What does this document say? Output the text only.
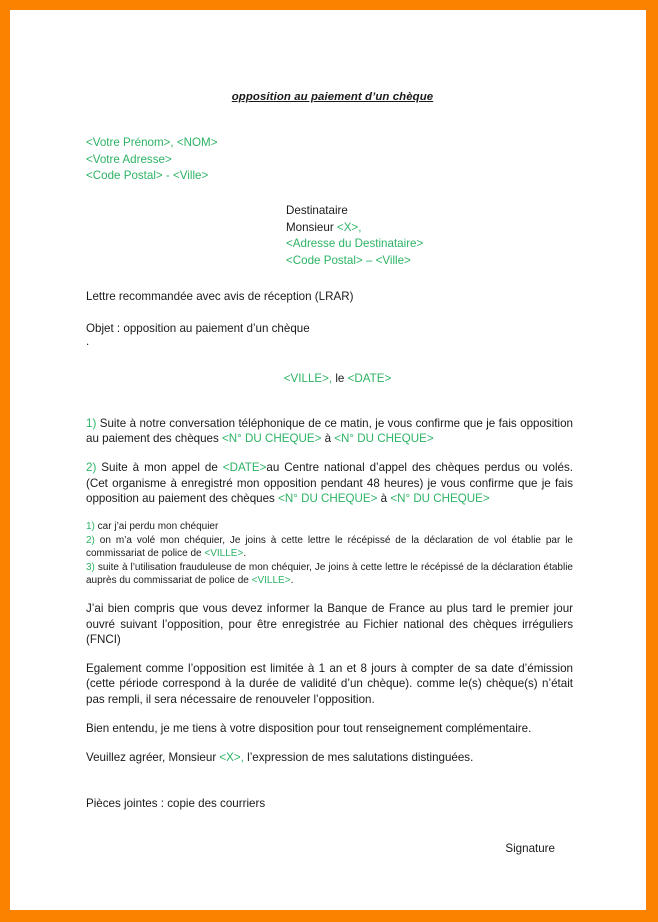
opposition au paiement d’un chèque
<Votre Prénom>, <NOM>
<Votre Adresse>
<Code Postal> - <Ville>
Destinataire
Monsieur <X>,
<Adresse du Destinataire>
<Code Postal> – <Ville>
Lettre recommandée avec avis de réception (LRAR)
Objet : opposition au paiement d’un chèque
.
<VILLE>, le <DATE>

1) Suite à notre conversation téléphonique de ce matin, je vous confirme que je fais opposition au paiement des chèques <N° DU CHEQUE> à <N° DU CHEQUE>

2) Suite à mon appel de <DATE>au Centre national d’appel des chèques perdus ou volés. (Cet organisme à enregistré mon opposition pendant 48 heures) je vous confirme que je fais opposition au paiement des chèques <N° DU CHEQUE> à <N° DU CHEQUE>

1) car j’ai perdu mon chéquier
2) on m’a volé mon chéquier, Je joins à cette lettre le récépissé de la déclaration de vol établie par le commissariat de police de <VILLE>.
3) suite à l’utilisation frauduleuse de mon chéquier, Je joins à cette lettre le récépissé de la déclaration établie auprès du commissariat de police de <VILLE>.

J’ai bien compris que vous devez informer la Banque de France au plus tard le premier jour ouvré suivant l’opposition, pour être enregistrée au Fichier national des chèques irréguliers (FNCI)

Egalement comme l’opposition est limitée à 1 an et 8 jours à compter de sa date d’émission (cette période correspond à la durée de validité d’un chèque). comme le(s) chèque(s) n’était pas rempli, il sera nécessaire de renouveler l’opposition.

Bien entendu, je me tiens à votre disposition pour tout renseignement complémentaire.

Veuillez agréer, Monsieur <X>, l’expression de mes salutations distinguées.

Pièces jointes : copie des courriers
Signature
